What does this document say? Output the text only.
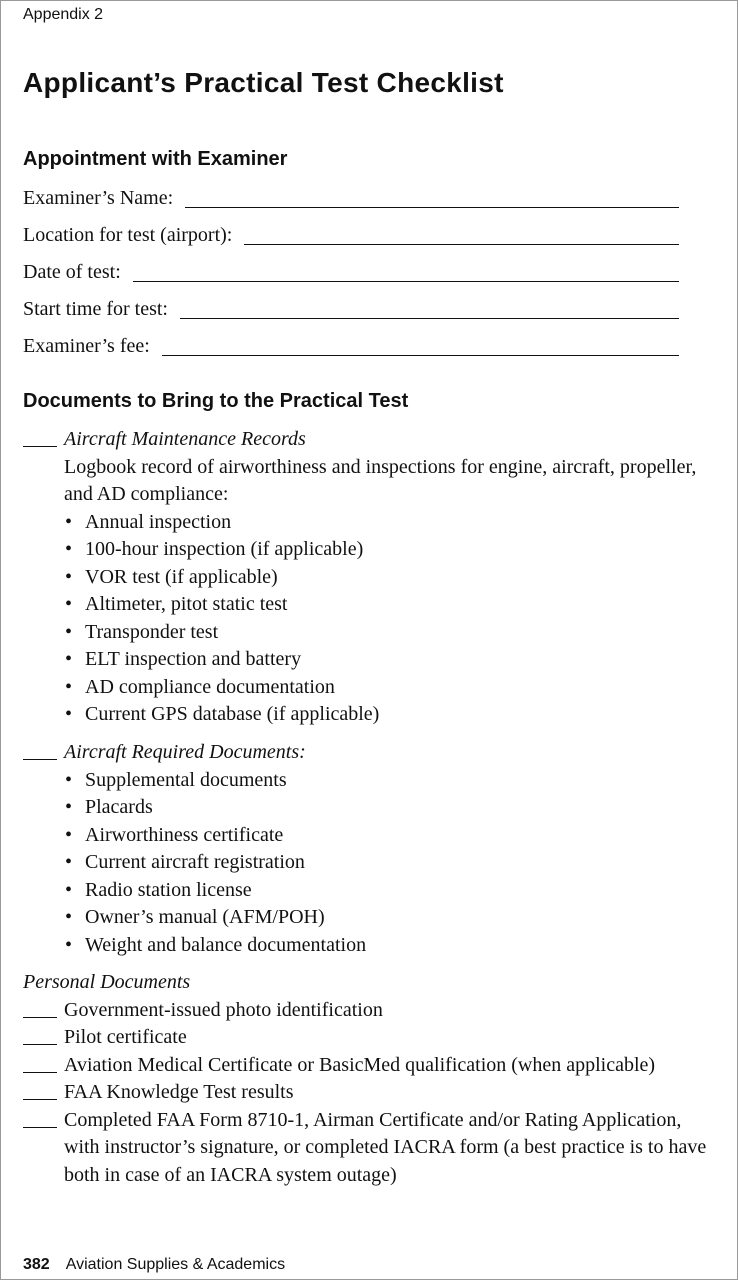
Appendix 2
Applicant’s Practical Test Checklist
Appointment with Examiner
Examiner’s Name:
Location for test (airport):
Date of test:
Start time for test:
Examiner’s fee:
Documents to Bring to the Practical Test
Aircraft Maintenance Records
Logbook record of airworthiness and inspections for engine, aircraft, propeller, and AD compliance:
• Annual inspection
• 100-hour inspection (if applicable)
• VOR test (if applicable)
• Altimeter, pitot static test
• Transponder test
• ELT inspection and battery
• AD compliance documentation
• Current GPS database (if applicable)
Aircraft Required Documents:
• Supplemental documents
• Placards
• Airworthiness certificate
• Current aircraft registration
• Radio station license
• Owner’s manual (AFM/POH)
• Weight and balance documentation
Personal Documents
Government-issued photo identification
Pilot certificate
Aviation Medical Certificate or BasicMed qualification (when applicable)
FAA Knowledge Test results
Completed FAA Form 8710-1, Airman Certificate and/or Rating Application, with instructor’s signature, or completed IACRA form (a best practice is to have both in case of an IACRA system outage)
382 Aviation Supplies & Academics
